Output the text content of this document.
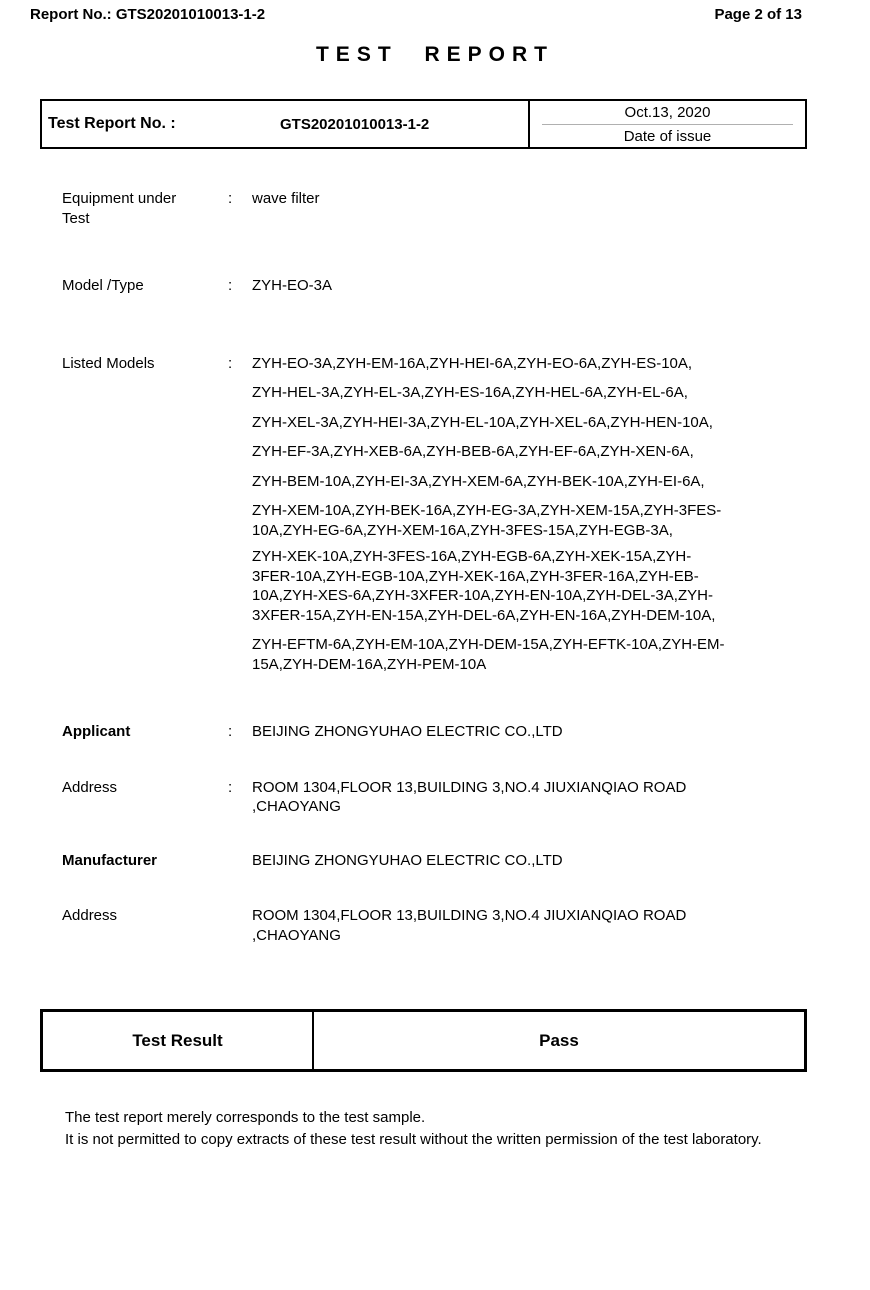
Report No.: GTS20201010013-1-2	Page 2 of 13
TEST REPORT
Test Report No. :	GTS20201010013-1-2
Oct.13, 2020
Date of issue
Equipment under Test
:	wave filter
Model /Type	:	ZYH-EO-3A
Listed Models	:	ZYH-EO-3A,ZYH-EM-16A,ZYH-HEI-6A,ZYH-EO-6A,ZYH-ES-10A,
ZYH-HEL-3A,ZYH-EL-3A,ZYH-ES-16A,ZYH-HEL-6A,ZYH-EL-6A,
ZYH-XEL-3A,ZYH-HEI-3A,ZYH-EL-10A,ZYH-XEL-6A,ZYH-HEN-10A,
ZYH-EF-3A,ZYH-XEB-6A,ZYH-BEB-6A,ZYH-EF-6A,ZYH-XEN-6A,
ZYH-BEM-10A,ZYH-EI-3A,ZYH-XEM-6A,ZYH-BEK-10A,ZYH-EI-6A,
ZYH-XEM-10A,ZYH-BEK-16A,ZYH-EG-3A,ZYH-XEM-15A,ZYH-3FES-
10A,ZYH-EG-6A,ZYH-XEM-16A,ZYH-3FES-15A,ZYH-EGB-3A,
ZYH-XEK-10A,ZYH-3FES-16A,ZYH-EGB-6A,ZYH-XEK-15A,ZYH-
3FER-10A,ZYH-EGB-10A,ZYH-XEK-16A,ZYH-3FER-16A,ZYH-EB-
10A,ZYH-XES-6A,ZYH-3XFER-10A,ZYH-EN-10A,ZYH-DEL-3A,ZYH-
3XFER-15A,ZYH-EN-15A,ZYH-DEL-6A,ZYH-EN-16A,ZYH-DEM-10A,
ZYH-EFTM-6A,ZYH-EM-10A,ZYH-DEM-15A,ZYH-EFTK-10A,ZYH-EM-
15A,ZYH-DEM-16A,ZYH-PEM-10A
Applicant	:	BEIJING ZHONGYUHAO ELECTRIC CO.,LTD
Address	:	ROOM 1304,FLOOR 13,BUILDING 3,NO.4 JIUXIANQIAO ROAD ,CHAOYANG
Manufacturer	BEIJING ZHONGYUHAO ELECTRIC CO.,LTD
Address	ROOM 1304,FLOOR 13,BUILDING 3,NO.4 JIUXIANQIAO ROAD ,CHAOYANG
Test Result	Pass
The test report merely corresponds to the test sample.
It is not permitted to copy extracts of these test result without the written permission of the test laboratory.
